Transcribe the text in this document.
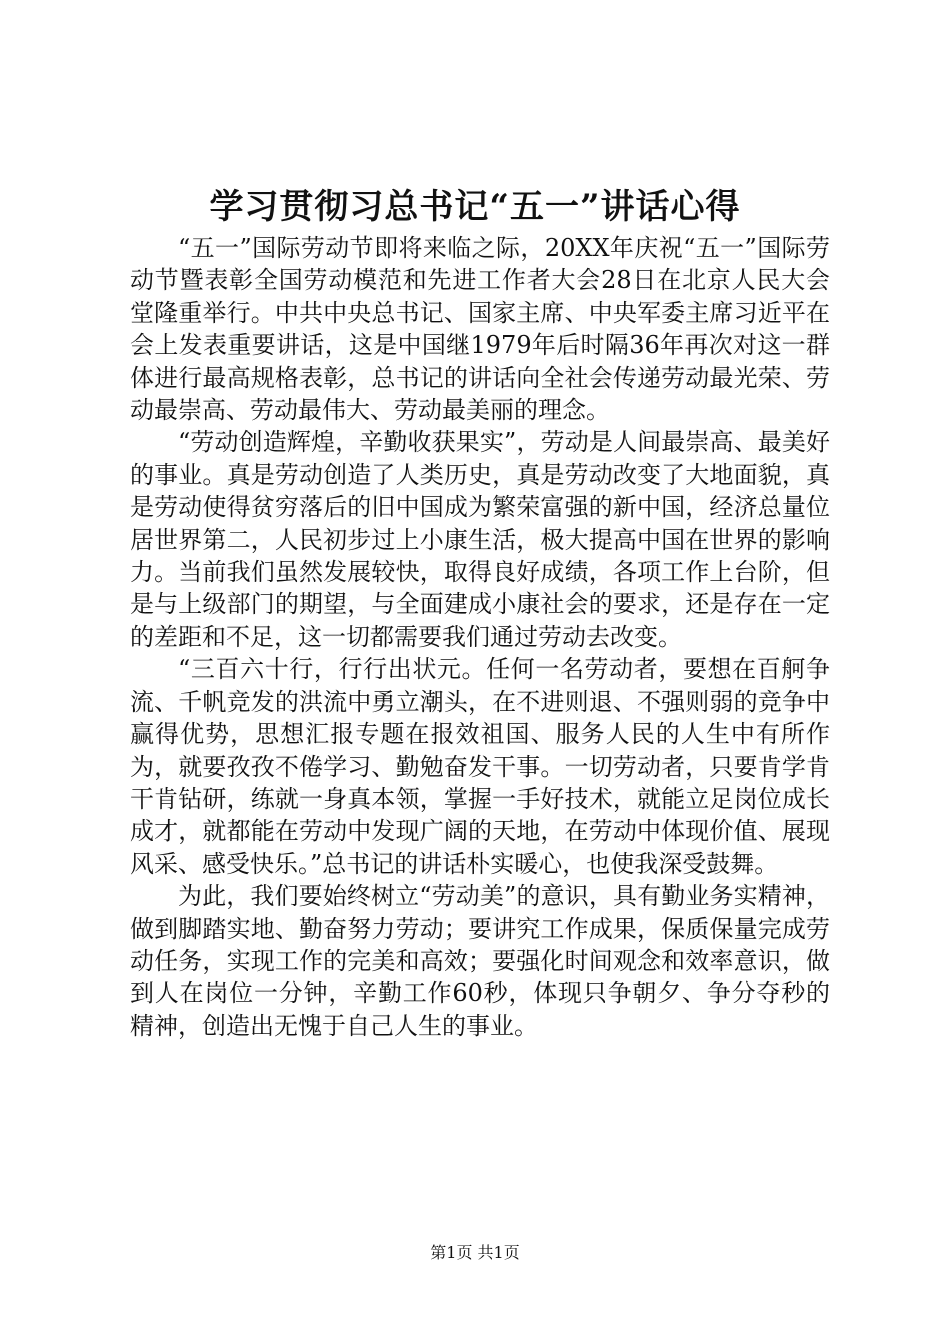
学习贯彻习总书记“五一”讲话心得

“五一”国际劳动节即将来临之际，20XX年庆祝“五一”国际劳动节暨表彰全国劳动模范和先进工作者大会28日在北京人民大会堂隆重举行。中共中央总书记、国家主席、中央军委主席习近平在会上发表重要讲话，这是中国继1979年后时隔36年再次对这一群体进行最高规格表彰，总书记的讲话向全社会传递劳动最光荣、劳动最崇高、劳动最伟大、劳动最美丽的理念。

“劳动创造辉煌，辛勤收获果实”，劳动是人间最崇高、最美好的事业。真是劳动创造了人类历史，真是劳动改变了大地面貌，真是劳动使得贫穷落后的旧中国成为繁荣富强的新中国，经济总量位居世界第二，人民初步过上小康生活，极大提高中国在世界的影响力。当前我们虽然发展较快，取得良好成绩，各项工作上台阶，但是与上级部门的期望，与全面建成小康社会的要求，还是存在一定的差距和不足，这一切都需要我们通过劳动去改变。

“三百六十行，行行出状元。任何一名劳动者，要想在百舸争流、千帆竞发的洪流中勇立潮头，在不进则退、不强则弱的竞争中赢得优势，思想汇报专题在报效祖国、服务人民的人生中有所作为，就要孜孜不倦学习、勤勉奋发干事。一切劳动者，只要肯学肯干肯钻研，练就一身真本领，掌握一手好技术，就能立足岗位成长成才，就都能在劳动中发现广阔的天地，在劳动中体现价值、展现风采、感受快乐。”总书记的讲话朴实暖心，也使我深受鼓舞。

为此，我们要始终树立“劳动美”的意识，具有勤业务实精神，做到脚踏实地、勤奋努力劳动；要讲究工作成果，保质保量完成劳动任务，实现工作的完美和高效；要强化时间观念和效率意识，做到人在岗位一分钟，辛勤工作60秒，体现只争朝夕、争分夺秒的精神，创造出无愧于自己人生的事业。

第1页 共1页
